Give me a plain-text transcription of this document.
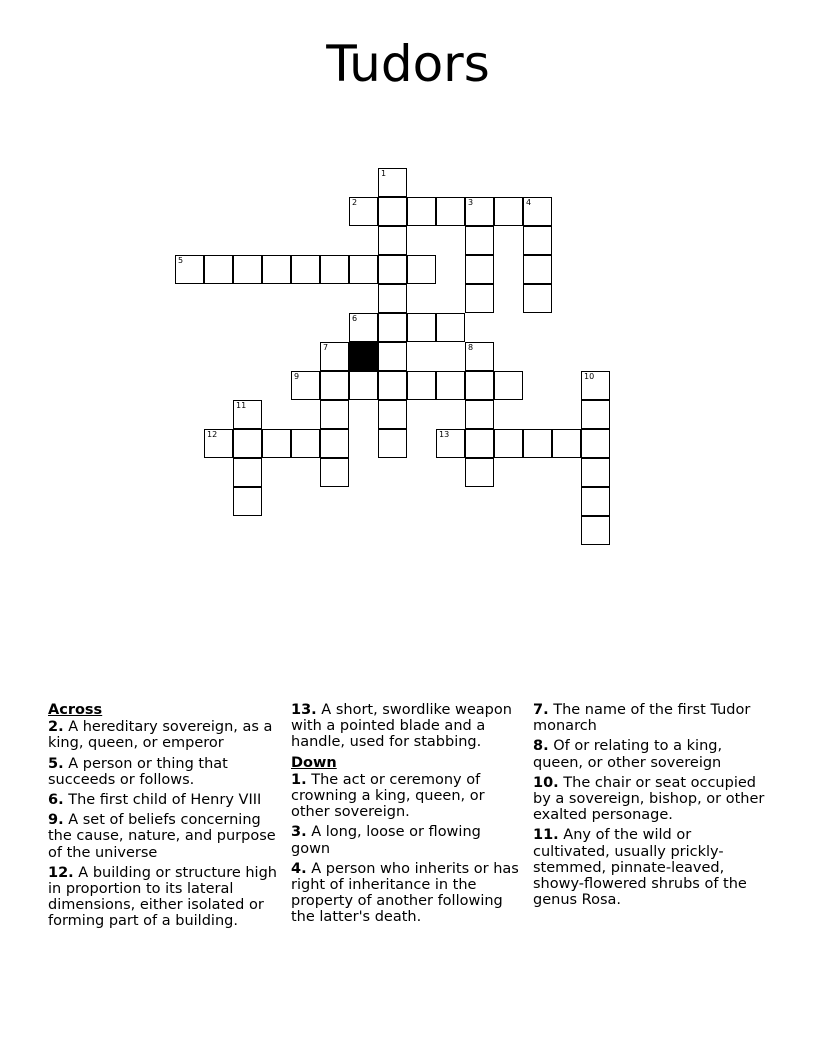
Tudors
1
2	3	4
5
6
7	8
9	10
11
12	13
Across
2. A hereditary sovereign, as a king, queen, or emperor
5. A person or thing that succeeds or follows.
6. The first child of Henry VIII
9. A set of beliefs concerning the cause, nature, and purpose of the universe
12. A building or structure high in proportion to its lateral dimensions, either isolated or forming part of a building.
13. A short, swordlike weapon with a pointed blade and a handle, used for stabbing.
Down
1. The act or ceremony of crowning a king, queen, or other sovereign.
3. A long, loose or flowing gown
4. A person who inherits or has right of inheritance in the property of another following the latter's death.
7. The name of the first Tudor monarch
8. Of or relating to a king, queen, or other sovereign
10. The chair or seat occupied by a sovereign, bishop, or other exalted personage.
11. Any of the wild or cultivated, usually prickly-stemmed, pinnate-leaved, showy-flowered shrubs of the genus Rosa.
